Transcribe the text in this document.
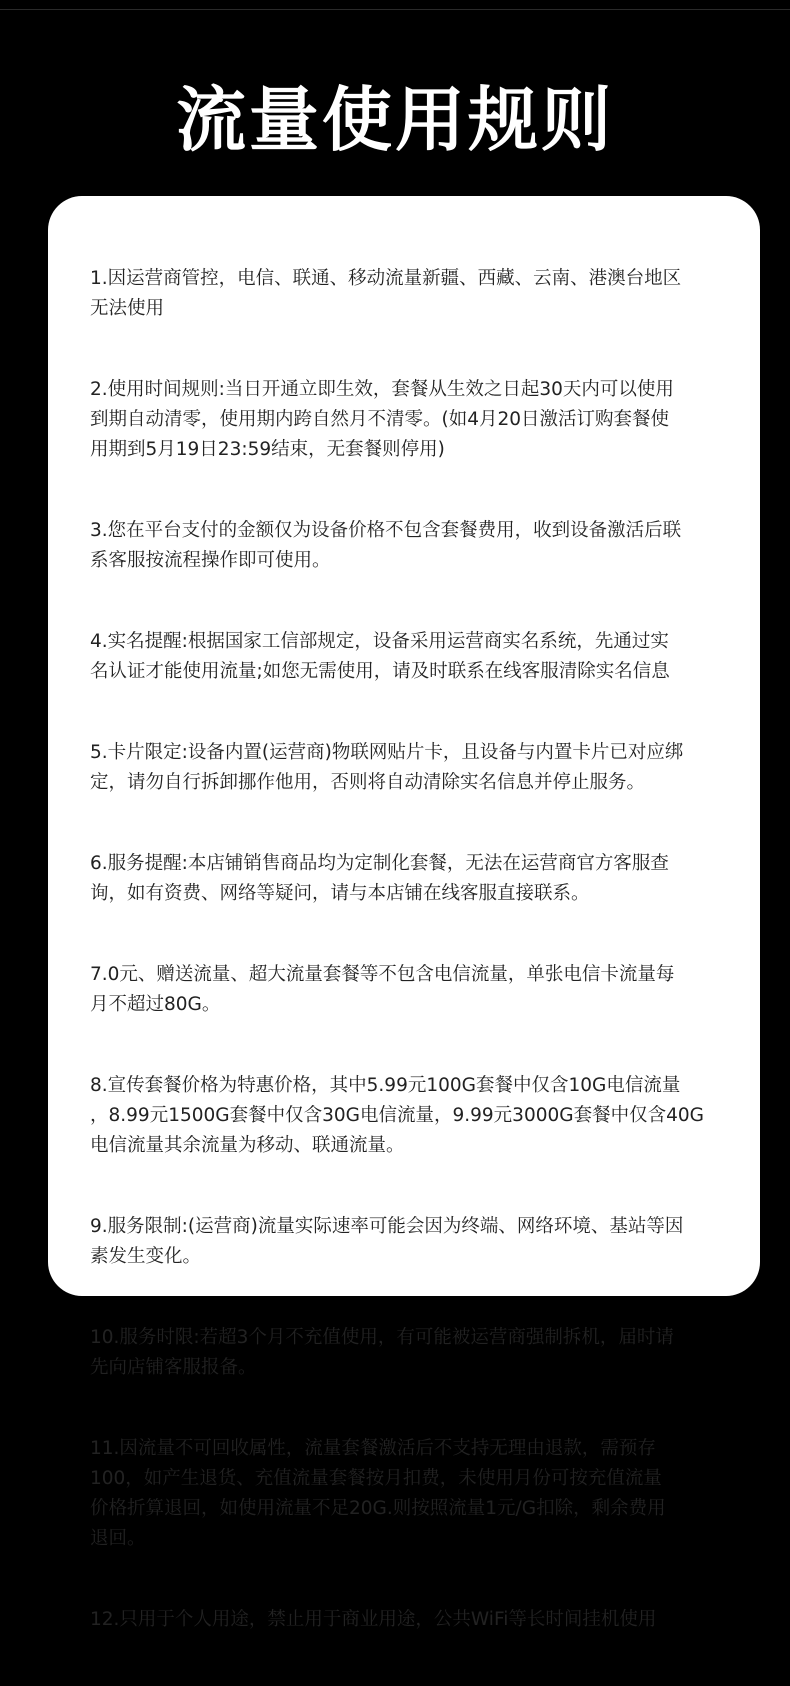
流量使用规则

1.因运营商管控，电信、联通、移动流量新疆、西藏、云南、港澳台地区
无法使用

2.使用时间规则:当日开通立即生效，套餐从生效之日起30天内可以使用
到期自动清零，使用期内跨自然月不清零。(如4月20日激活订购套餐使
用期到5月19日23:59结束，无套餐则停用)

3.您在平台支付的金额仅为设备价格不包含套餐费用，收到设备激活后联
系客服按流程操作即可使用。

4.实名提醒:根据国家工信部规定，设备采用运营商实名系统，先通过实
名认证才能使用流量;如您无需使用，请及时联系在线客服清除实名信息

5.卡片限定:设备内置(运营商)物联网贴片卡，且设备与内置卡片已对应绑
定，请勿自行拆卸挪作他用，否则将自动清除实名信息并停止服务。

6.服务提醒:本店铺销售商品均为定制化套餐，无法在运营商官方客服查
询，如有资费、网络等疑问，请与本店铺在线客服直接联系。

7.0元、赠送流量、超大流量套餐等不包含电信流量，单张电信卡流量每
月不超过80G。

8.宣传套餐价格为特惠价格，其中5.99元100G套餐中仅含10G电信流量
，8.99元1500G套餐中仅含30G电信流量，9.99元3000G套餐中仅含40G
电信流量其余流量为移动、联通流量。

9.服务限制:(运营商)流量实际速率可能会因为终端、网络环境、基站等因
素发生变化。

10.服务时限:若超3个月不充值使用，有可能被运营商强制拆机，届时请
先向店铺客服报备。

11.因流量不可回收属性，流量套餐激活后不支持无理由退款，需预存
100，如产生退货、充值流量套餐按月扣费，未使用月份可按充值流量
价格折算退回，如使用流量不足20G.则按照流量1元/G扣除，剩余费用
退回。

12.只用于个人用途，禁止用于商业用途，公共WiFi等长时间挂机使用
